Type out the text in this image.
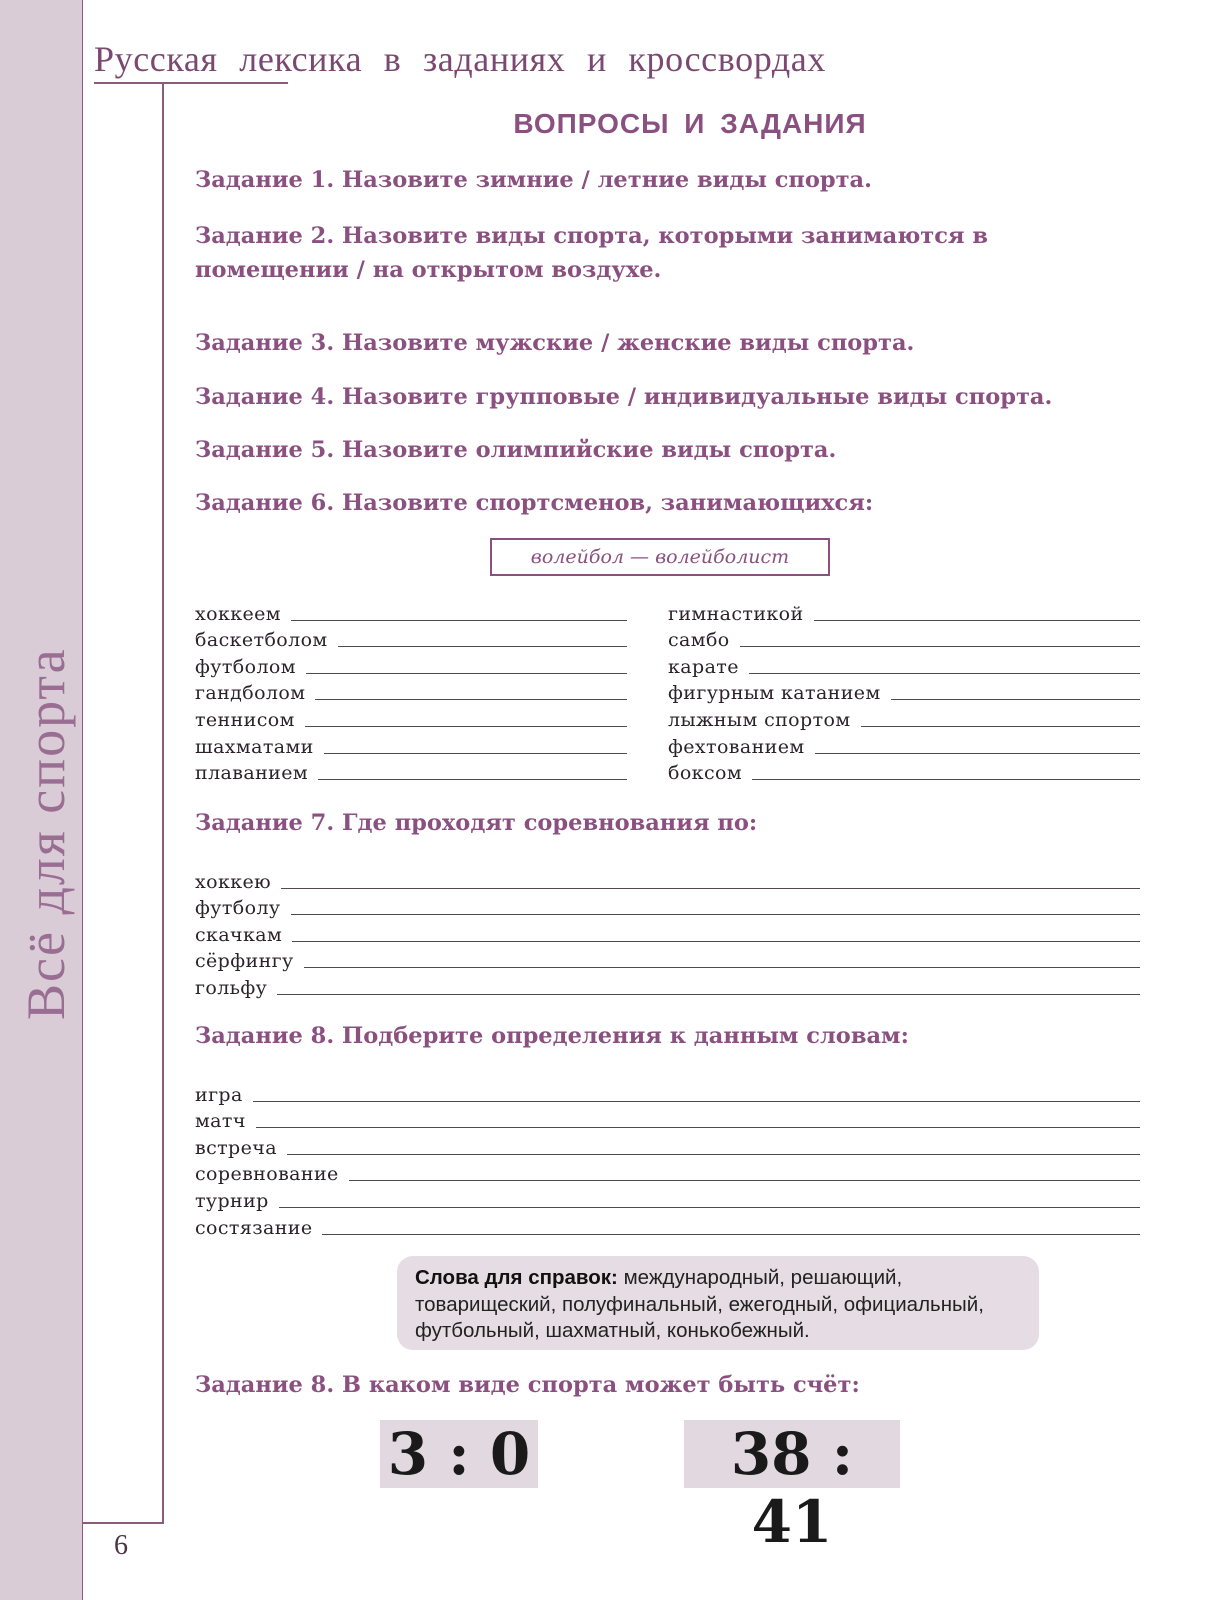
Всё для спорта
Русская лексика в заданиях и кроссвордах
ВОПРОСЫ И ЗАДАНИЯ
Задание 1. Назовите зимние / летние виды спорта.
Задание 2. Назовите виды спорта, которыми занимаются в помещении / на открытом воздухе.
Задание 3. Назовите мужские / женские виды спорта.
Задание 4. Назовите групповые / индивидуальные виды спорта.
Задание 5. Назовите олимпийские виды спорта.
Задание 6. Назовите спортсменов, занимающихся:
волейбол — волейболист
хоккеем
баскетболом
футболом
гандболом
теннисом
шахматами
плаванием
гимнастикой
самбо
карате
фигурным катанием
лыжным спортом
фехтованием
боксом
Задание 7. Где проходят соревнования по:
хоккею
футболу
скачкам
сёрфингу
гольфу
Задание 8. Подберите определения к данным словам:
игра
матч
встреча
соревнование
турнир
состязание
Слова для справок: международный, решающий, товарищеский, полуфинальный, ежегодный, официальный, футбольный, шахматный, конькобежный.
Задание 8. В каком виде спорта может быть счёт:
3 : 0	38 : 41
6
